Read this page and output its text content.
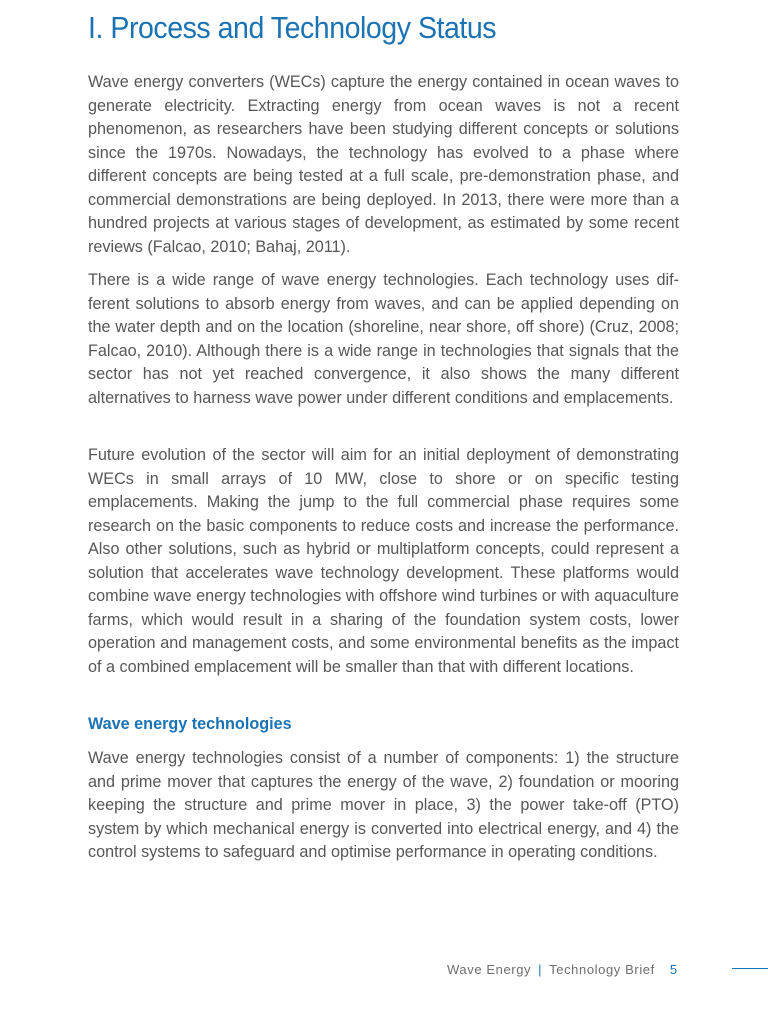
I. Process and Technology Status

Wave energy converters (WECs) capture the energy contained in ocean waves to generate electricity. Extracting energy from ocean waves is not a recent phenomenon, as researchers have been studying different concepts or solutions since the 1970s. Nowadays, the technology has evolved to a phase where different concepts are being tested at a full scale, pre-demonstration phase, and commercial demonstrations are being deployed. In 2013, there were more than a hundred projects at various stages of development, as estimated by some recent reviews (Falcao, 2010; Bahaj, 2011).

There is a wide range of wave energy technologies. Each technology uses different solutions to absorb energy from waves, and can be applied depending on the water depth and on the location (shoreline, near shore, off shore) (Cruz, 2008; Falcao, 2010). Although there is a wide range in technologies that signals that the sector has not yet reached convergence, it also shows the many different alternatives to harness wave power under different conditions and emplacements.

Future evolution of the sector will aim for an initial deployment of demonstrating WECs in small arrays of 10 MW, close to shore or on specific testing emplacements. Making the jump to the full commercial phase requires some research on the basic components to reduce costs and increase the performance. Also other solutions, such as hybrid or multiplatform concepts, could represent a solution that accelerates wave technology development. These platforms would combine wave energy technologies with offshore wind turbines or with aquaculture farms, which would result in a sharing of the foundation system costs, lower operation and management costs, and some environmental benefits as the impact of a combined emplacement will be smaller than that with different locations.

Wave energy technologies

Wave energy technologies consist of a number of components: 1) the structure and prime mover that captures the energy of the wave, 2) foundation or mooring keeping the structure and prime mover in place, 3) the power take-off (PTO) system by which mechanical energy is converted into electrical energy, and 4) the control systems to safeguard and optimise performance in operating conditions.

Wave Energy | Technology Brief 5
